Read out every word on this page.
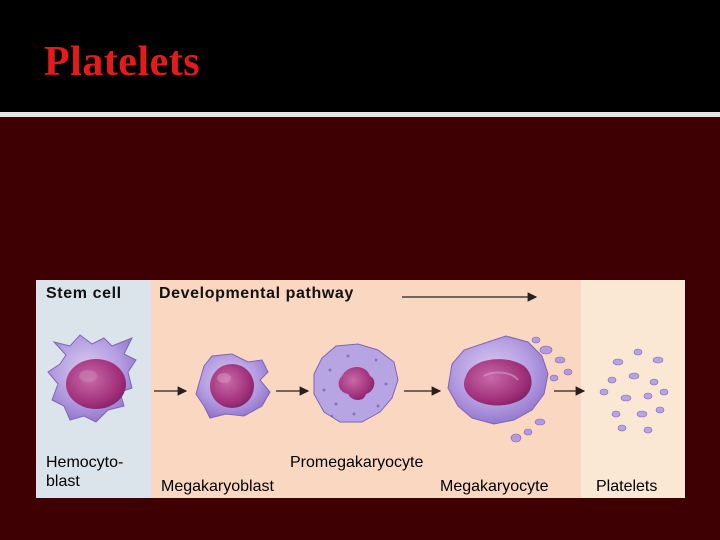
Platelets
Stem cell Developmental pathway
Hemocyto- blast
Promegakaryocyte
Megakaryoblast	Megakaryocyte	Platelets
